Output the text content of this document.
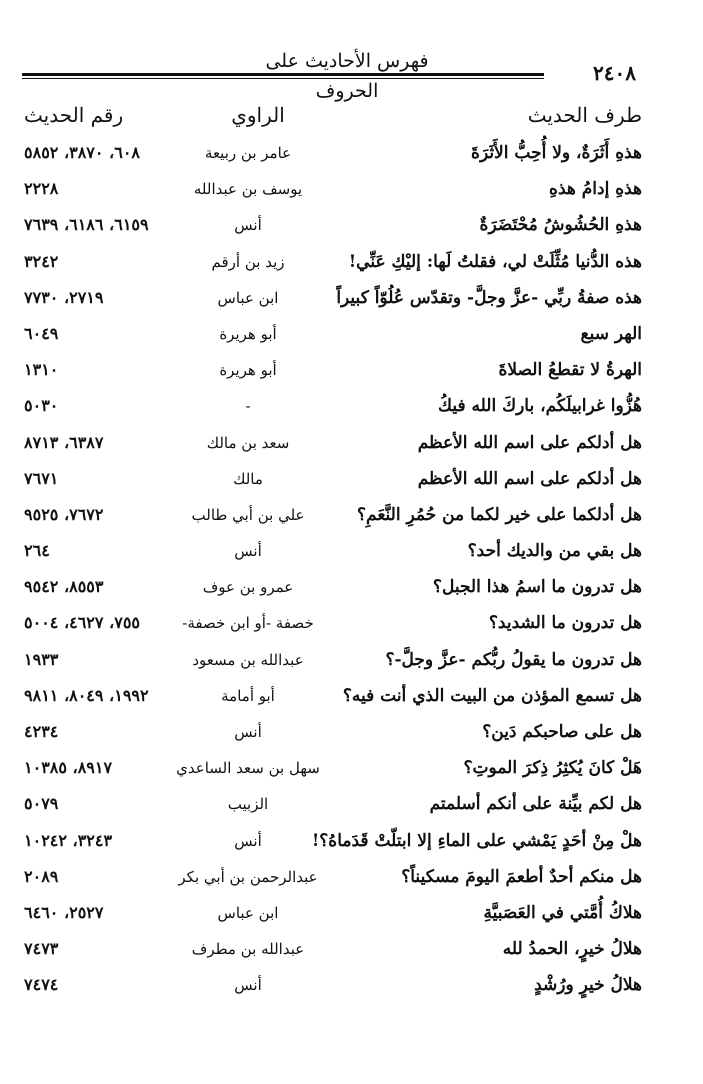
فهرس الأحاديث على الحروف
٢٤٠٨
طرف الحديث
الراوي
رقم الحديث
هذهِ أَثَرَةٌ، ولا أُحِبُّ الأَثَرَةَ
عامر بن ربيعة
٦٠٨، ٣٨٧٠، ٥٨٥٢
هذهِ إدامُ هذهِ
يوسف بن عبدالله
٢٢٢٨
هذهِ الحُشُوشُ مُحْتَضَرَةٌ
أنس
٦١٥٩، ٦١٨٦، ٧٦٣٩
هذه الدُّنيا مُثِّلَتْ لي، فقلتُ لَها: إليْكِ عَنِّي!
زيد بن أرقم
٣٢٤٢
هذه صفةُ ربِّي -عزَّ وجلَّ- وتقدّس عُلُوّاً كبيراً
ابن عباس
٢٧١٩، ٧٧٣٠
الهر سبع
أبو هريرة
٦٠٤٩
الهرةُ لا تقطعُ الصلاةَ
أبو هريرة
١٣١٠
هُزُّوا غرابيلَكُم، باركَ الله فيكُ
-
٥٠٣٠
هل أدلكم على اسم الله الأعظم
سعد بن مالك
٦٣٨٧، ٨٧١٣
هل أدلكم على اسم الله الأعظم
مالك
٧٦٧١
هل أدلكما على خير لكما من حُمُرِ النَّعَمِ؟
علي بن أبي طالب
٧٦٧٢، ٩٥٢٥
هل بقي من والديك أحد؟
أنس
٢٦٤
هل تدرون ما اسمُ هذا الجبل؟
عمرو بن عوف
٨٥٥٣، ٩٥٤٢
هل تدرون ما الشديد؟
خصفة -أو ابن خصفة-
٧٥٥، ٤٦٢٧، ٥٠٠٤
هل تدرون ما يقولُ ربُّكم -عزَّ وجلَّ-؟
عبدالله بن مسعود
١٩٣٣
هل تسمع المؤذن من البيت الذي أنت فيه؟
أبو أمامة
١٩٩٢، ٨٠٤٩، ٩٨١١
هل على صاحبكم دَين؟
أنس
٤٢٣٤
هَلْ كانَ يُكثِرُ ذِكرَ الموتِ؟
سهل بن سعد الساعدي
٨٩١٧، ١٠٣٨٥
هل لكم بيِّنة على أنكم أسلمتم
الزبيب
٥٠٧٩
هلْ مِنْ أحَدٍ يَمْشي على الماءِ إلا ابتلّتْ قَدَماهُ؟!
أنس
٣٢٤٣، ١٠٢٤٢
هل منكم أحدٌ أطعمَ اليومَ مسكيناً؟
عبدالرحمن بن أبي بكر
٢٠٨٩
هلاكُ أُمَّتي في العَصَبيَّةِ
ابن عباس
٢٥٢٧، ٦٤٦٠
هلالُ خيرٍ، الحمدُ لله
عبدالله بن مطرف
٧٤٧٣
هلالُ خيرٍ ورُشْدٍ
أنس
٧٤٧٤
